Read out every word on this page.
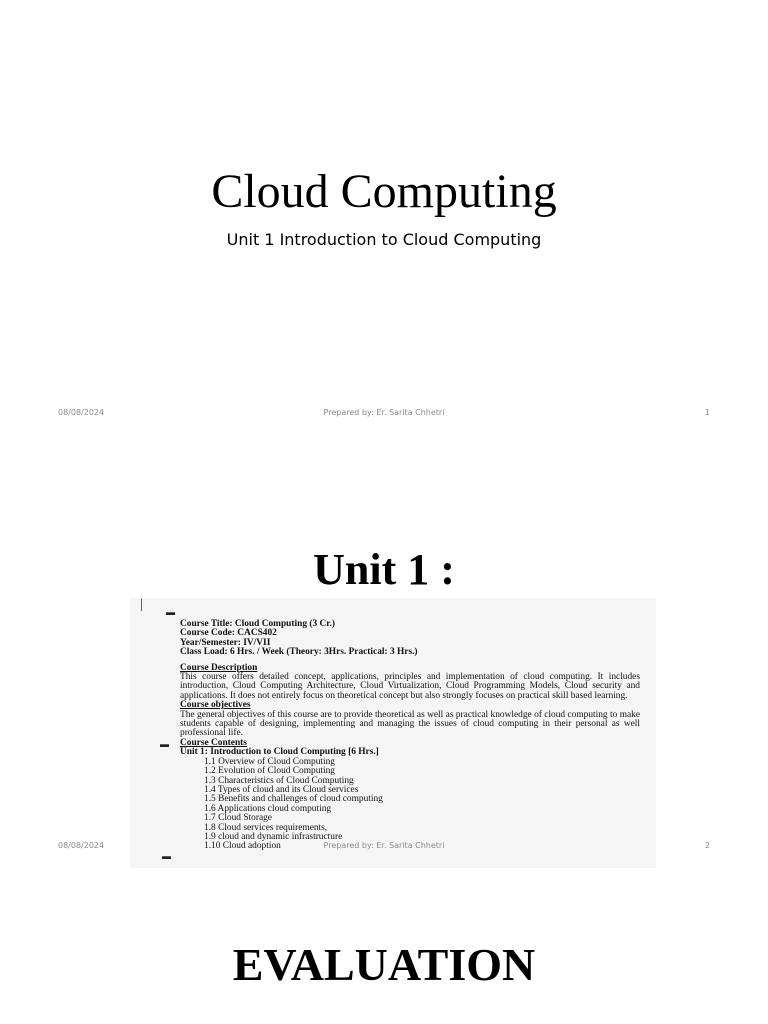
Cloud Computing
Unit 1 Introduction to Cloud Computing
08/08/2024	Prepared by: Er. Sarita Chhetri	1
Unit 1 :
|	▬
▬
▬

Course Title: Cloud Computing (3 Cr.)

Course Code: CACS402

Year/Semester: IV/VII

Class Load: 6 Hrs. / Week (Theory: 3Hrs. Practical: 3 Hrs.)

Course Description

This course offers detailed concept, applications, principles and implementation of cloud computing. It includes introduction, Cloud Computing Architecture, Cloud Virtualization, Cloud Programming Models, Cloud security and applications. It does not entirely focus on theoretical concept but also strongly focuses on practical skill based learning.

Course objectives

The general objectives of this course are to provide theoretical as well as practical knowledge of cloud computing to make students capable of designing, implementing and managing the issues of cloud computing in their personal as well professional life.

Course Contents

Unit 1: Introduction to Cloud Computing [6 Hrs.]

1.1 Overview of Cloud Computing

1.2 Evolution of Cloud Computing

1.3 Characteristics of Cloud Computing

1.4 Types of cloud and its Cloud services

1.5 Benefits and challenges of cloud computing

1.6 Applications cloud computing

1.7 Cloud Storage

1.8 Cloud services requirements,

1.9 cloud and dynamic infrastructure

1.10 Cloud adoption

08/08/2024	Prepared by: Er. Sarita Chhetri	2
EVALUATION
